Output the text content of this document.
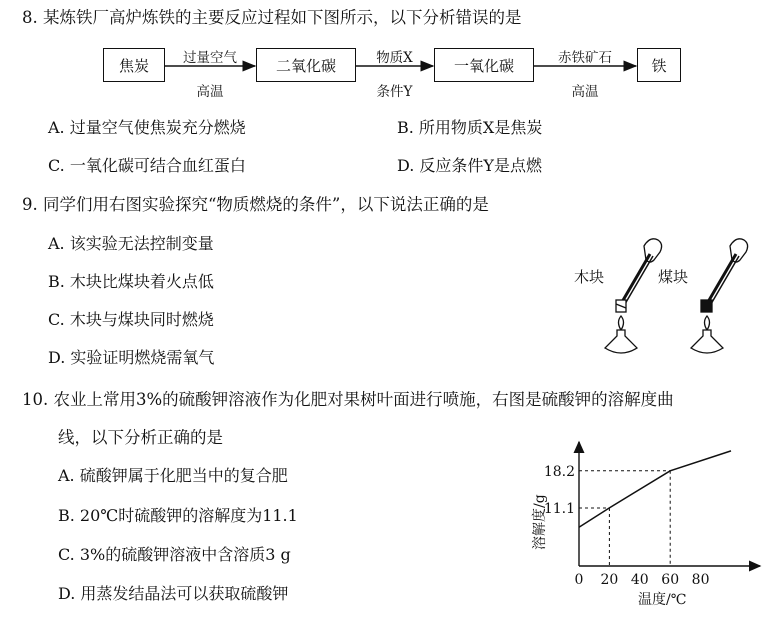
8. 某炼铁厂高炉炼铁的主要反应过程如下图所示，以下分析错误的是
焦炭	二氧化碳	一氧化碳	铁
过量空气
高温
物质X
条件Y
赤铁矿石
高温
A. 过量空气使焦炭充分燃烧	B. 所用物质X是焦炭
C. 一氧化碳可结合血红蛋白	D. 反应条件Y是点燃
9. 同学们用右图实验探究“物质燃烧的条件”，以下说法正确的是
A. 该实验无法控制变量
B. 木块比煤块着火点低
C. 木块与煤块同时燃烧
D. 实验证明燃烧需氧气
木块	煤块
10. 农业上常用3%的硫酸钾溶液作为化肥对果树叶面进行喷施，右图是硫酸钾的溶解度曲
线，以下分析正确的是
A. 硫酸钾属于化肥当中的复合肥
B. 20℃时硫酸钾的溶解度为11.1
C. 3%的硫酸钾溶液中含溶质3 g
D. 用蒸发结晶法可以获取硫酸钾
0 20 40 60 80
11.1
18.2
溶解度/g
温度/℃
